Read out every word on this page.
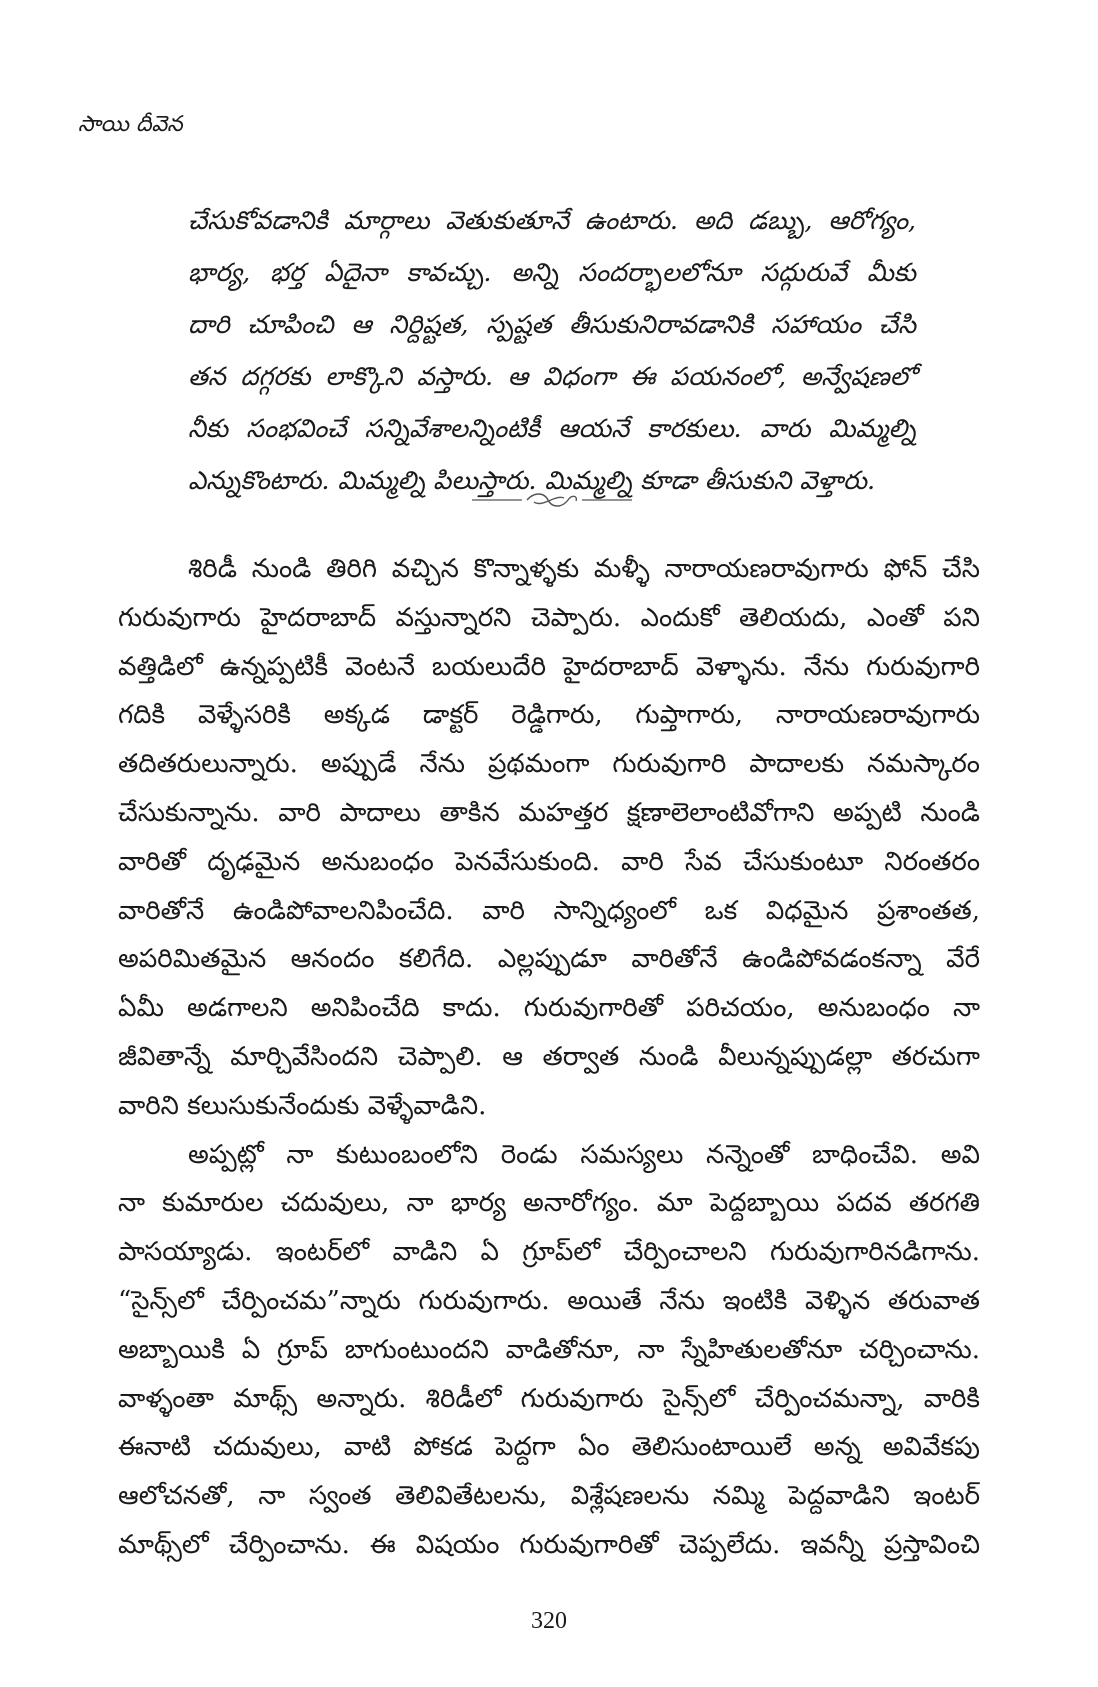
సాయి దీవెన
చేసుకోవడానికి మార్గాలు వెతుకుతూనే ఉంటారు. అది డబ్బు, ఆరోగ్యం,
భార్య, భర్త ఏదైనా కావచ్చు. అన్ని సందర్భాలలోనూ సద్గురువే మీకు
దారి చూపించి ఆ నిర్దిష్టత, స్పష్టత తీసుకునిరావడానికి సహాయం చేసి
తన దగ్గరకు లాక్కొని వస్తారు. ఆ విధంగా ఈ పయనంలో, అన్వేషణలో
నీకు సంభవించే సన్నివేశాలన్నింటికీ ఆయనే కారకులు. వారు మిమ్మల్ని
ఎన్నుకొంటారు. మిమ్మల్ని పిలుస్తారు. మిమ్మల్ని కూడా తీసుకుని వెళ్తారు.
శిరిడీ నుండి తిరిగి వచ్చిన కొన్నాళ్ళకు మళ్ళీ నారాయణరావుగారు ఫోన్ చేసి
గురువుగారు హైదరాబాద్ వస్తున్నారని చెప్పారు. ఎందుకో తెలియదు, ఎంతో పని
వత్తిడిలో ఉన్నప్పటికీ వెంటనే బయలుదేరి హైదరాబాద్ వెళ్ళాను. నేను గురువుగారి
గదికి వెళ్ళేసరికి అక్కడ డాక్టర్ రెడ్డిగారు, గుప్తాగారు, నారాయణరావుగారు
తదితరులున్నారు. అప్పుడే నేను ప్రథమంగా గురువుగారి పాదాలకు నమస్కారం
చేసుకున్నాను. వారి పాదాలు తాకిన మహత్తర క్షణాలెలాంటివోగాని అప్పటి నుండి
వారితో దృఢమైన అనుబంధం పెనవేసుకుంది. వారి సేవ చేసుకుంటూ నిరంతరం
వారితోనే ఉండిపోవాలనిపించేది. వారి సాన్నిధ్యంలో ఒక విధమైన ప్రశాంతత,
అపరిమితమైన ఆనందం కలిగేది. ఎల్లప్పుడూ వారితోనే ఉండిపోవడంకన్నా వేరే
ఏమీ అడగాలని అనిపించేది కాదు. గురువుగారితో పరిచయం, అనుబంధం నా
జీవితాన్నే మార్చివేసిందని చెప్పాలి. ఆ తర్వాత నుండి వీలున్నప్పుడల్లా తరచుగా
వారిని కలుసుకునేందుకు వెళ్ళేవాడిని.
అప్పట్లో నా కుటుంబంలోని రెండు సమస్యలు నన్నెంతో బాధించేవి. అవి
నా కుమారుల చదువులు, నా భార్య అనారోగ్యం. మా పెద్దబ్బాయి పదవ తరగతి
పాసయ్యాడు. ఇంటర్‌లో వాడిని ఏ గ్రూప్‌లో చేర్పించాలని గురువుగారినడిగాను.
“సైన్స్‌లో చేర్పించమ”న్నారు గురువుగారు. అయితే నేను ఇంటికి వెళ్ళిన తరువాత
అబ్బాయికి ఏ గ్రూప్ బాగుంటుందని వాడితోనూ, నా స్నేహితులతోనూ చర్చించాను.
వాళ్ళంతా మాథ్స్ అన్నారు. శిరిడీలో గురువుగారు సైన్స్‌లో చేర్పించమన్నా, వారికి
ఈనాటి చదువులు, వాటి పోకడ పెద్దగా ఏం తెలిసుంటాయిలే అన్న అవివేకపు
ఆలోచనతో, నా స్వంత తెలివితేటలను, విశ్లేషణలను నమ్మి పెద్దవాడిని ఇంటర్
మాథ్స్‌లో చేర్పించాను. ఈ విషయం గురువుగారితో చెప్పలేదు. ఇవన్నీ ప్రస్తావించి
320
